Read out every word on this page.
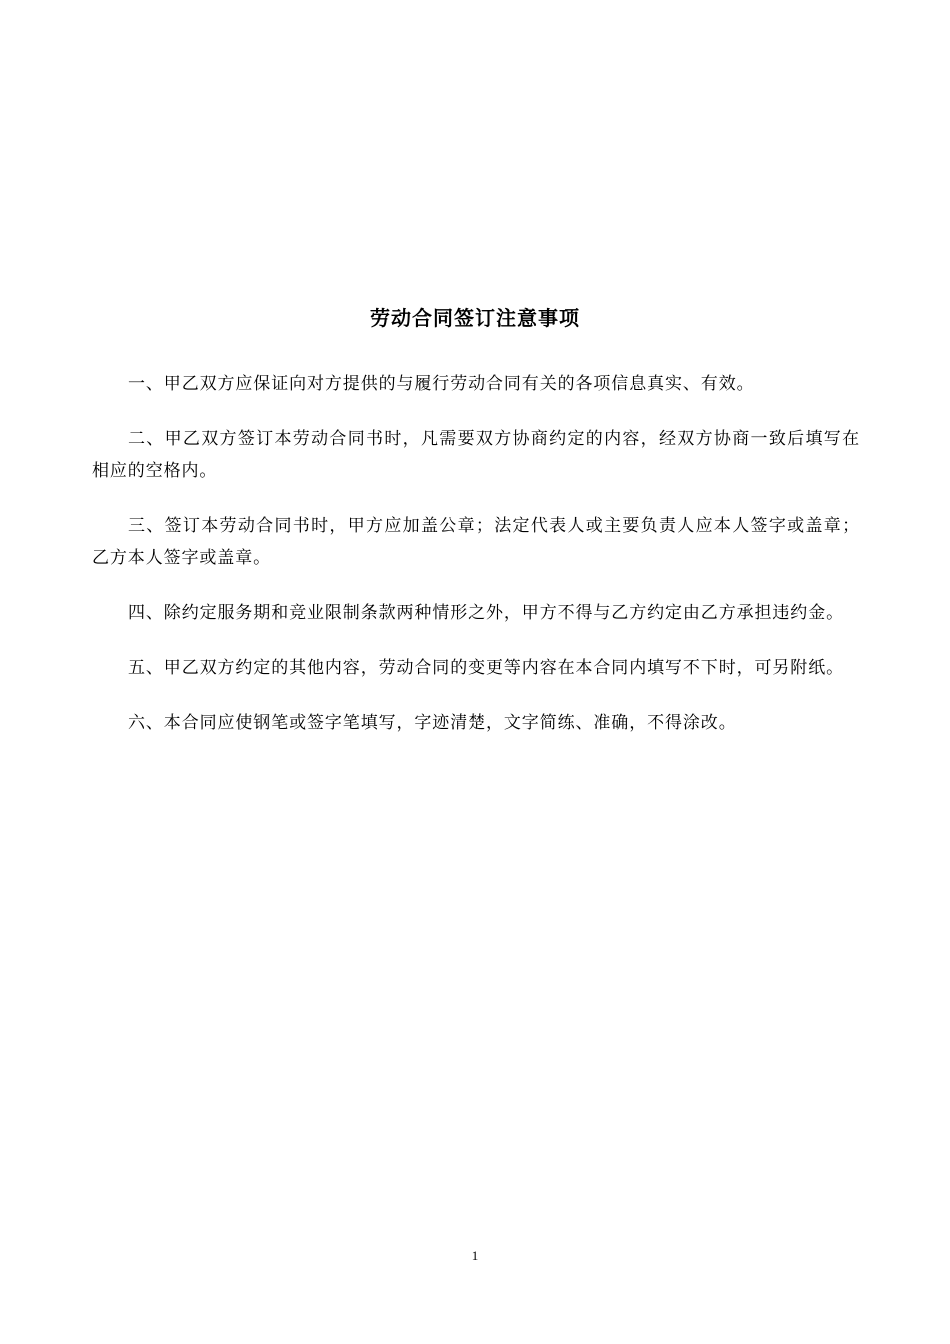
劳动合同签订注意事项

一、甲乙双方应保证向对方提供的与履行劳动合同有关的各项信息真实、有效。

二、甲乙双方签订本劳动合同书时，凡需要双方协商约定的内容，经双方协商一致后填写在相应的空格内。

三、签订本劳动合同书时，甲方应加盖公章；法定代表人或主要负责人应本人签字或盖章；乙方本人签字或盖章。

四、除约定服务期和竞业限制条款两种情形之外，甲方不得与乙方约定由乙方承担违约金。

五、甲乙双方约定的其他内容，劳动合同的变更等内容在本合同内填写不下时，可另附纸。

六、本合同应使钢笔或签字笔填写，字迹清楚，文字简练、准确，不得涂改。

1
